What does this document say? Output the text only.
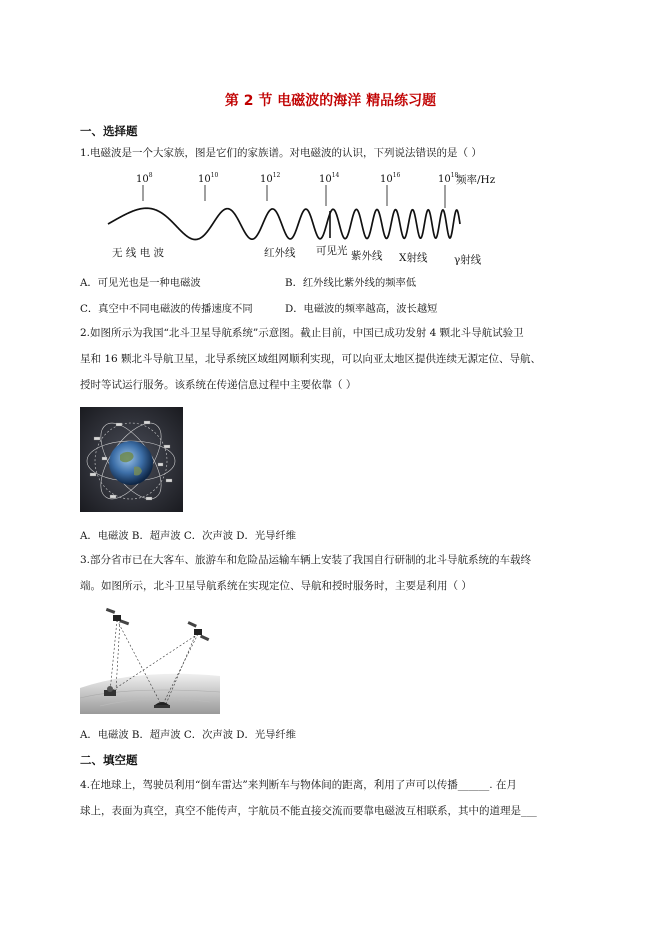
第 2 节 电磁波的海洋 精品练习题
一、选择题
1.电磁波是一个大家族，图是它们的家族谱。对电磁波的认识，下列说法错误的是（ ）
$10^8$	$10^{10}$	$10^{12}$	$10^{14}$	$10^{16}$	$10^{18}$
频率/Hz
无 线 电 波	红外线 可见光 紫外线 X射线	γ射线
A．可见光也是一种电磁波	B．红外线比紫外线的频率低
C．真空中不同电磁波的传播速度不同	D．电磁波的频率越高，波长越短
2.如图所示为我国“北斗卫星导航系统”示意图。截止目前，中国已成功发射 4 颗北斗导航试验卫
星和 16 颗北斗导航卫星，北导系统区域组网顺利实现，可以向亚太地区提供连续无源定位、导航、
授时等试运行服务。该系统在传递信息过程中主要依靠（ ）
A．电磁波 B．超声波 C．次声波 D．光导纤维
3.部分省市已在大客车、旅游车和危险品运输车辆上安装了我国自行研制的北斗导航系统的车载终
端。如图所示，北斗卫星导航系统在实现定位、导航和授时服务时，主要是利用（ ）
A．电磁波 B．超声波 C．次声波 D．光导纤维
二、填空题
4.在地球上，驾驶员利用“倒车雷达”来判断车与物体间的距离，利用了声可以传播______. 在月
球上，表面为真空，真空不能传声，宇航员不能直接交流而要靠电磁波互相联系，其中的道理是___
